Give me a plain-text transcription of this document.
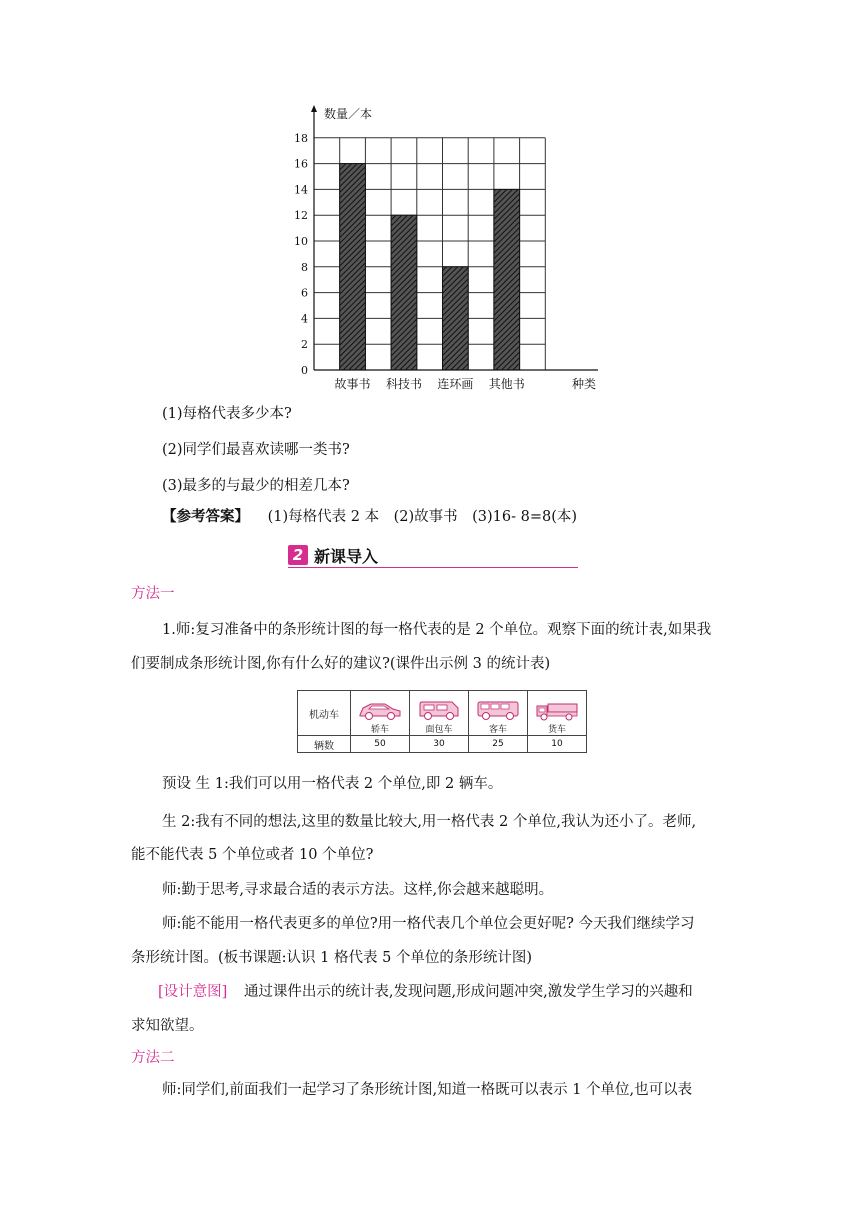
故事书 科技书 连环画 其他书
0
2
4
6
8
10
12
14
16
18
数量／本
种类
(1)每格代表多少本?
(2)同学们最喜欢读哪一类书?
(3)最多的与最少的相差几本?
【参考答案】 (1)每格代表 2 本　(2)故事书　(3)16- 8=8(本)
2 新课导入
方法一
1.师:复习准备中的条形统计图的每一格代表的是 2 个单位。观察下面的统计表,如果我
们要制成条形统计图,你有什么好的建议?(课件出示例 3 的统计表)
机动车	轿车	面包车	客车	货车
辆数	50	30	25	10
预设 生 1:我们可以用一格代表 2 个单位,即 2 辆车。
生 2:我有不同的想法,这里的数量比较大,用一格代表 2 个单位,我认为还小了。老师,
能不能代表 5 个单位或者 10 个单位?
师:勤于思考,寻求最合适的表示方法。这样,你会越来越聪明。
师:能不能用一格代表更多的单位?用一格代表几个单位会更好呢? 今天我们继续学习
条形统计图。(板书课题:认识 1 格代表 5 个单位的条形统计图)
[设计意图] 通过课件出示的统计表,发现问题,形成问题冲突,激发学生学习的兴趣和
求知欲望。
方法二
师:同学们,前面我们一起学习了条形统计图,知道一格既可以表示 1 个单位,也可以表
